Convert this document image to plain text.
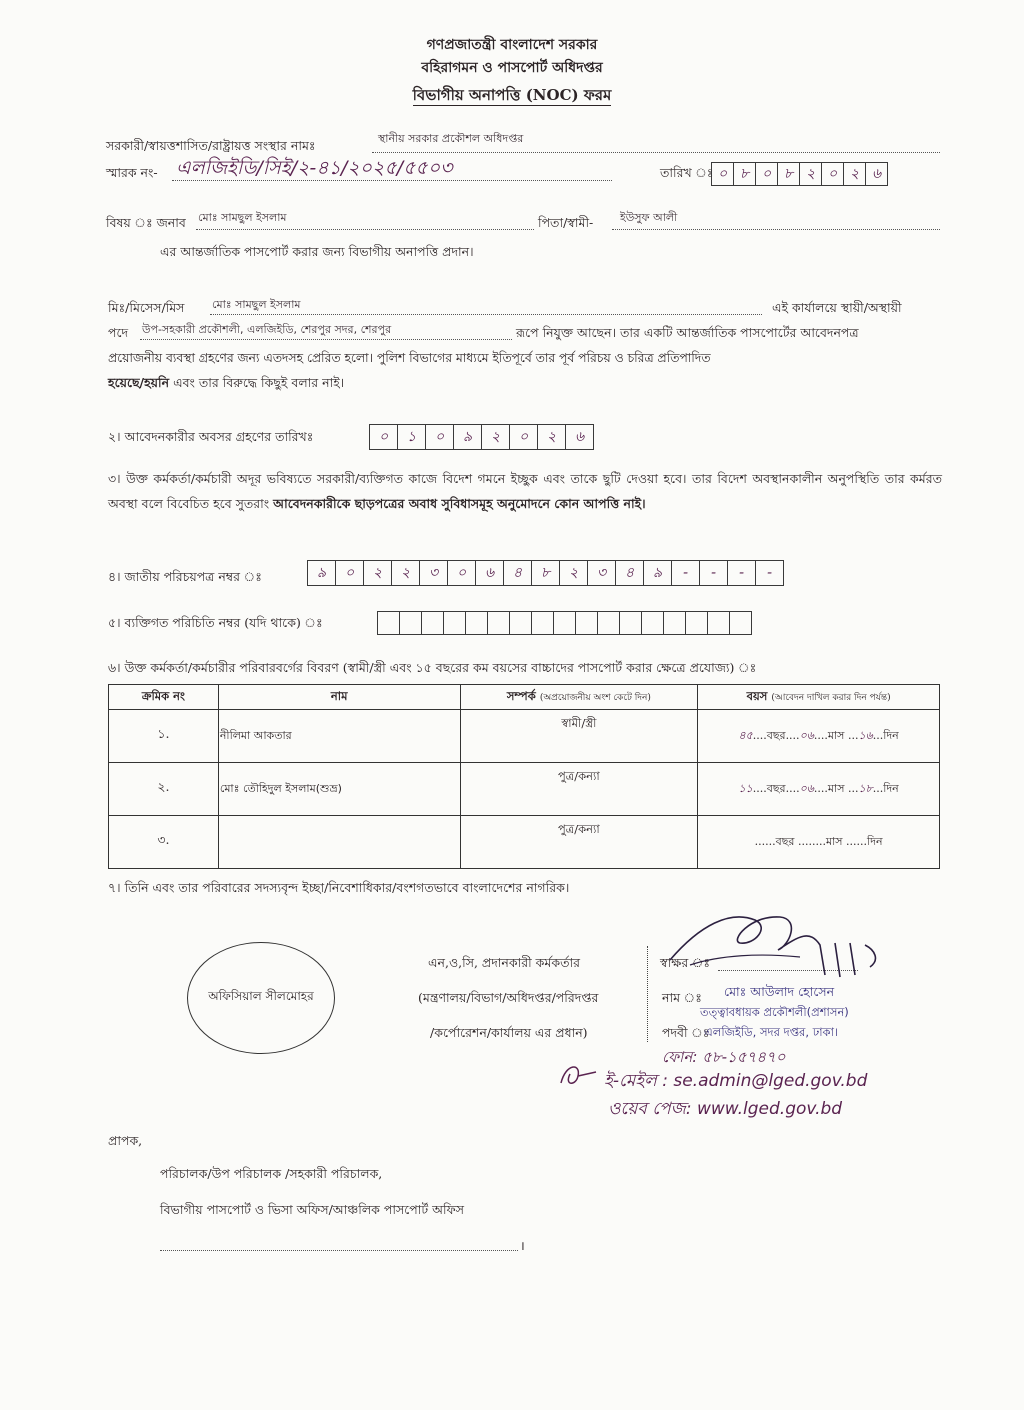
গণপ্রজাতন্ত্রী বাংলাদেশ সরকার
বহিরাগমন ও পাসপোর্ট অধিদপ্তর
বিভাগীয় অনাপত্তি (NOC) ফরম
সরকারী/স্বায়ত্তশাসিত/রাষ্ট্রায়ত্ত সংস্থার নামঃ	স্থানীয় সরকার প্রকৌশল অধিদপ্তর
স্মারক নং- এলজিইডি/সিই/২-৪১/২০২৫/৫৫০৩	তারিখ ঃ ০ ৮ ০ ৮ ২ ০ ২ ৬
বিষয় ঃ জনাব মোঃ সামছুল ইসলাম	পিতা/স্বামী- ইউসুফ আলী
এর আন্তর্জাতিক পাসপোর্ট করার জন্য বিভাগীয় অনাপত্তি প্রদান।
মিঃ/মিসেস/মিস	মোঃ সামছুল ইসলাম	এই কার্যালয়ে স্থায়ী/অস্থায়ী
পদে উপ-সহকারী প্রকৌশলী, এলজিইডি, শেরপুর সদর, শেরপুর	রূপে নিযুক্ত আছেন। তার একটি আন্তর্জাতিক পাসপোর্টের আবেদনপত্র
প্রয়োজনীয় ব্যবস্থা গ্রহণের জন্য এতদসহ প্রেরিত হলো। পুলিশ বিভাগের মাধ্যমে ইতিপূর্বে তার পূর্ব পরিচয় ও চরিত্র প্রতিপাদিত
হয়েছে/হয়নি এবং তার বিরুদ্ধে কিছুই বলার নাই।
২। আবেদনকারীর অবসর গ্রহণের তারিখঃ	০	১	০	৯	২	০	২	৬
৩। উক্ত কর্মকর্তা/কর্মচারী অদূর ভবিষ্যতে সরকারী/ব্যক্তিগত কাজে বিদেশ গমনে ইচ্ছুক এবং তাকে ছুটি দেওয়া হবে। তার বিদেশ অবস্থানকালীন অনুপস্থিতি তার কর্মরত অবস্থা বলে বিবেচিত হবে সুতরাং আবেদনকারীকে ছাড়পত্রের অবাধ সুবিধাসমূহ অনুমোদনে কোন আপত্তি নাই।
৪। জাতীয় পরিচয়পত্র নম্বর ঃ	৯	০	২	২	৩	০	৬	৪	৮	২	৩	৪	৯	-	-	-	-
৫। ব্যক্তিগত পরিচিতি নম্বর (যদি থাকে) ঃ
৬। উক্ত কর্মকর্তা/কর্মচারীর পরিবারবর্গের বিবরণ (স্বামী/স্ত্রী এবং ১৫ বছরের কম বয়সের বাচ্চাদের পাসপোর্ট করার ক্ষেত্রে প্রযোজ্য) ঃ
ক্রমিক নং	নাম	সম্পর্ক (অপ্রয়োজনীয় অংশ কেটে দিন)	বয়স (আবেদন দাখিল করার দিন পর্যন্ত)
১.	নীলিমা আকতার	স্বামী/স্ত্রী	৪৫....বছর....০৬....মাস ...১৬...দিন
২.	মোঃ তৌহিদুল ইসলাম(শুভ্র)	পুত্র/কন্যা	১১....বছর....০৬....মাস ...১৮...দিন
৩.		পুত্র/কন্যা	......বছর ........মাস ......দিন
৭। তিনি এবং তার পরিবারের সদস্যবৃন্দ ইচ্ছা/নিবেশাধিকার/বংশগতভাবে বাংলাদেশের নাগরিক।
অফিসিয়াল সীলমোহর
এন,ও,সি, প্রদানকারী কর্মকর্তার
(মন্ত্রণালয়/বিভাগ/অধিদপ্তর/পরিদপ্তর
/কর্পোরেশন/কার্যালয় এর প্রধান)
স্বাক্ষর ঃ
নাম ঃ মোঃ আউলাদ হোসেন
তত্ত্বাবধায়ক প্রকৌশলী(প্রশাসন)
পদবী ঃ
এলজিইডি, সদর দপ্তর, ঢাকা।
ফোন: ৫৮-১৫৭৪৭০
ই-মেইল : se.admin@lged.gov.bd
ওয়েব পেজ: www.lged.gov.bd
প্রাপক,
পরিচালক/উপ পরিচালক /সহকারী পরিচালক,
বিভাগীয় পাসপোর্ট ও ভিসা অফিস/আঞ্চলিক পাসপোর্ট অফিস
।
